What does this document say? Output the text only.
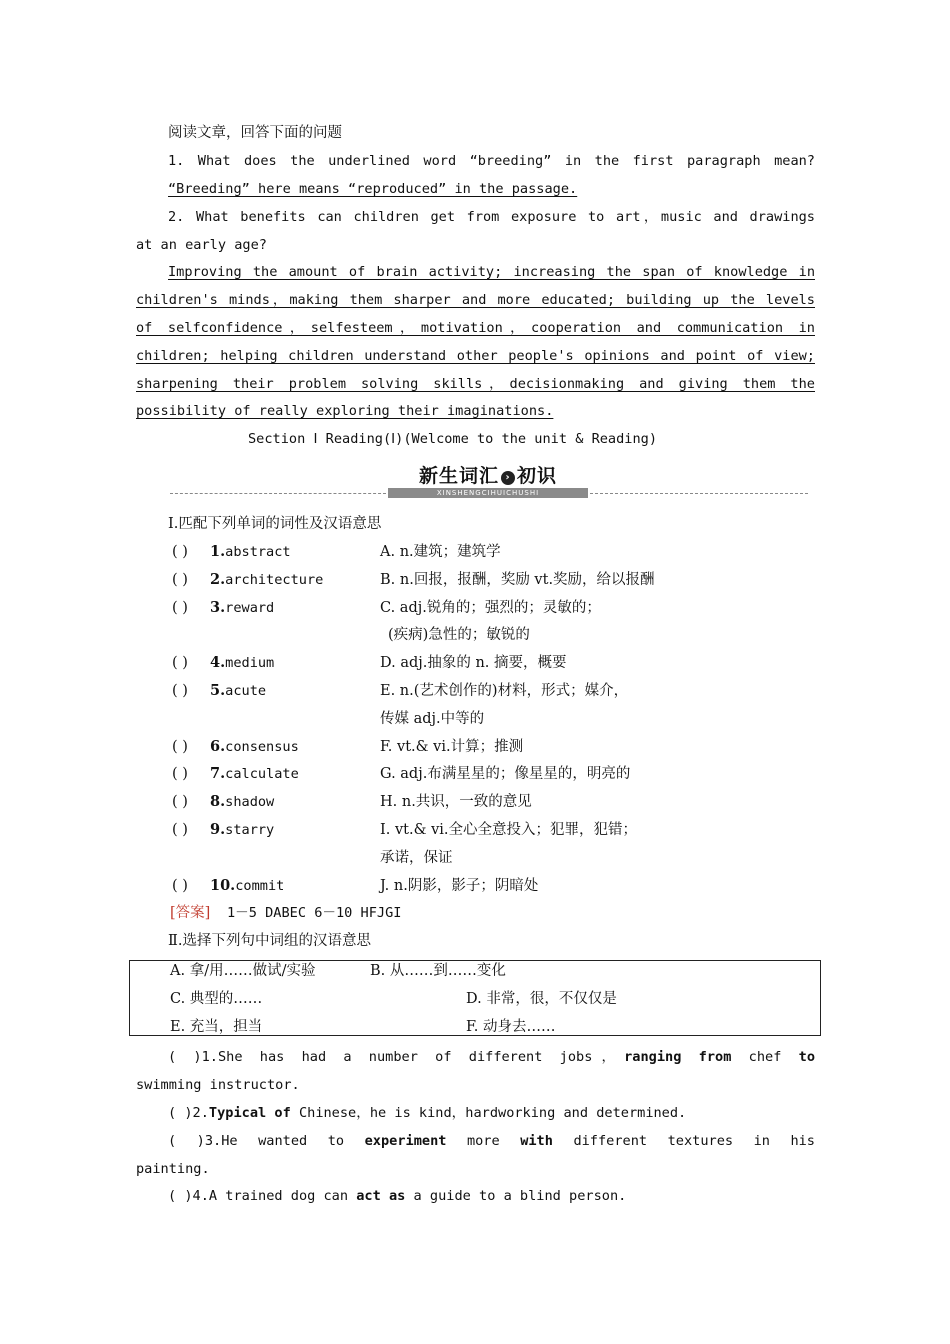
阅读文章，回答下面的问题
1. What does the underlined word “breeding” in the first paragraph mean?
“Breeding” here means “reproduced” in the passage.
2. What benefits can children get from exposure to art，music and drawings
at an early age?
Improving the amount of brain activity; increasing the span of knowledge in
children's minds，making them sharper and more educated; building up the levels
of selfconfidence，selfesteem，motivation，cooperation and communication in
children; helping children understand other people's opinions and point of view;
sharpening their problem solving skills，decisionmaking and giving them the
possibility of really exploring their imaginations.
Section Ⅰ Reading(Ⅰ)(Welcome to the unit & Reading)
新生词汇 › 初识
XINSHENGCIHUICHUSHI
Ⅰ.匹配下列单词的词性及汉语意思
( ) 1.abstract	A. n.建筑；建筑学
( ) 2.architecture	B. n.回报，报酬，奖励 vt.奖励，给以报酬
( ) 3.reward	C. adj.锐角的；强烈的；灵敏的；
(疾病)急性的；敏锐的
( ) 4.medium	D. adj.抽象的 n. 摘要，概要
( ) 5.acute	E. n.(艺术创作的)材料，形式；媒介，
传媒 adj.中等的
( ) 6.consensus	F. vt.& vi.计算；推测
( ) 7.calculate	G. adj.布满星星的；像星星的，明亮的
( ) 8.shadow	H. n.共识，一致的意见
( ) 9.starry	I. vt.& vi.全心全意投入；犯罪，犯错；
承诺，保证
( ) 10.commit	J. n.阴影，影子；阴暗处
[答案] 1－5 DABEC 6－10 HFJGI
Ⅱ.选择下列句中词组的汉语意思
A. 拿/用……做试/实验	B. 从……到……变化
C. 典型的……	D. 非常，很，不仅仅是
E. 充当，担当	F. 动身去……
( )1.She has had a number of different jobs，ranging from chef to
swimming instructor.
( )2.Typical of Chinese，he is kind，hardworking and determined.
( )3.He wanted to experiment more with different textures in his
painting.
( )4.A trained dog can act as a guide to a blind person.
